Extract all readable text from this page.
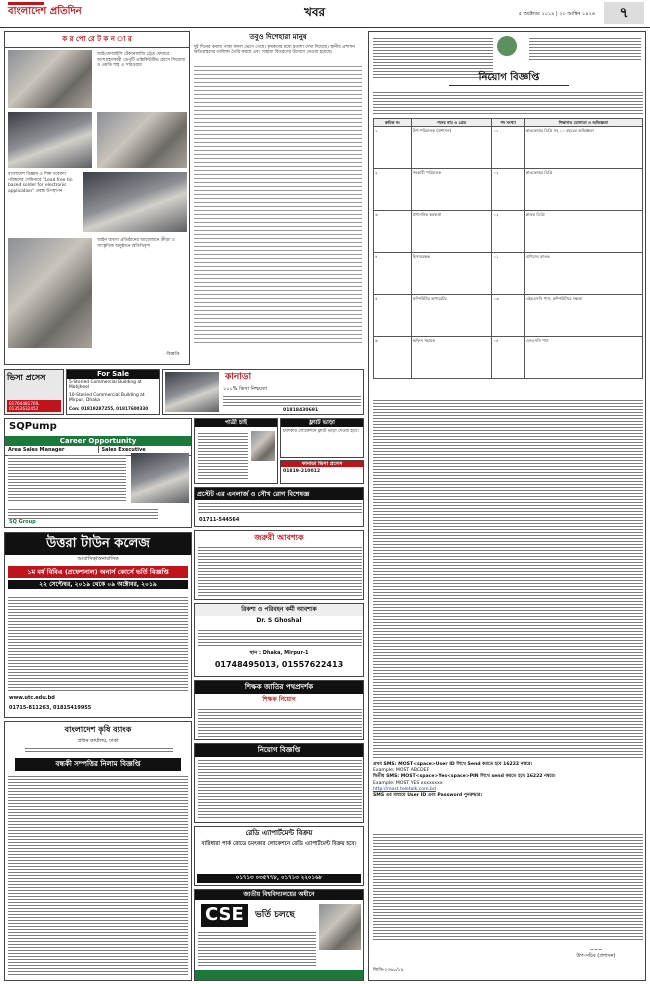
বাংলাদেশ প্রতিদিন	খবর	৫ অক্টোবর ২০১৯ | ২০ আশ্বিন ১৪২৬	৭
ক র পো রে ট ক ন া র
আইএফআইসি টেকনোলজি ট্রেড ফেয়ারে অংশগ্রহণকারী ডেপুটি এক্সিকিউটিভ হোসে ফিরোজ ও এমডি শাহ এ সারওয়ার
বাংলাদেশ বিজ্ঞান ও শিল্প গবেষণা পরিষদের সেমিনারে "Lead free tin based solder for electronic application" প্রবন্ধ উপস্থাপন
আইন ব্যবসা প্রতিষ্ঠানের আয়োজনে ক্রীড়া ও সাংস্কৃতিক অনুষ্ঠানে অতিথিবৃন্দ
-বিজ্ঞপ্তি
তবুও দিশেহারা মানুষ
দুই দিনের বন্যায় পাকা ফসল ভেসে গেছে। কৃষকদের মধ্যে হতাশা দেখা দিয়েছে। স্থানীয় প্রশাসন ক্ষতিগ্রস্তদের তালিকা তৈরি করছে এবং সাহায্য বিতরণের উদ্যোগ নেওয়া হয়েছে।
নিয়োগ বিজ্ঞপ্তি
ক্রমিক নং	পদের নাম ও গ্রেড	পদ সংখ্যা	শিক্ষাগত যোগ্যতা ও অভিজ্ঞতা
১	উপ-পরিচালক (প্রশাসন)	০১	স্নাতকোত্তর ডিগ্রি সহ ১০ বছরের অভিজ্ঞতা
২	সহকারী পরিচালক	০২	স্নাতকোত্তর ডিগ্রি
৩	প্রশাসনিক কর্মকর্তা	০২	স্নাতক ডিগ্রি
৪	হিসাবরক্ষক	০১	বাণিজ্যে স্নাতক
৫	কম্পিউটার অপারেটর	০৩	এইচএসসি পাস, কম্পিউটারে দক্ষতা
৬	অফিস সহায়ক	০৪	এসএসসি পাস
প্রথম SMS: MOST<space>User ID লিখে Send করতে হবে 16222 নম্বরে।
Example: MOST ABCDEF
দ্বিতীয় SMS: MOST<space>Yes<space>PIN লিখে send করতে হবে 16222 নম্বরে।
Example: MOST YES xxxxxxxx
http://most.teletalk.com.bd
SMS এর মাধ্যমে User ID এবং Password পুনরুদ্ধার:
~~~
উপ-সচিব (প্রশাসন)
জিডি-২৩৬৮/১৯
ভিসা প্রসেস
01764481769, 01352632452
For Sale
5-Storied Commercial Building at Motijheel
10-Storied Commercial Building at Mirpur, Dhaka
Con: 01819287255, 01817600330
কানাডা
১০০% ভিসা নিশ্চয়তা
01818430691
SQPump
Career Opportunity
Area Sales Manager	Sales Executive
SQ Group
পাত্রী চাই	ফ্ল্যাট ভাড়া
চমৎকার লোকেশনে ফ্ল্যাট ভাড়া দেওয়া হবে।
কানাডা ভিসা প্রসেস
01819-210012
প্রস্টেট এর এনলার্জ ও সৌখ রোগ বিশেষজ্ঞ
01711-544564
জরুরী আবশ্যক
রিকশা ও পরিবহন কর্মী আবশ্যক
Dr. S Ghoshal
স্থান : Dhaka, Mirpur-1
01748495013, 01557622413
শিক্ষক জাতির পথপ্রদর্শক
শিক্ষক নিয়োগ
নিয়োগ বিজ্ঞপ্তি
রেডি এ্যাপার্টমেন্ট বিক্রয়
বারিধারা পার্ক রোডে চমৎকার লোকেশনে রেডি এ্যাপার্টমেন্ট বিক্রয় হবে।
০১৭১৩ ০৩৫৭৭৮, ০১৭১৩ ২২০১৬৮
জাতীয় বিশ্ববিদ্যালয়ের অধীনে
CSE	ভর্তি চলছে
উত্তরা টাউন কলেজ
আবাসিক/অনাবাসিক
১ম বর্ষ বিবিএ (প্রফেশনাল) অনার্স কোর্সে ভর্তি বিজ্ঞপ্তি
২২ সেপ্টেম্বর, ২০১৯ থেকে ০৯ অক্টোবর, ২০১৯
www.utc.edu.bd
01715-811263, 01815419955
বাংলাদেশ কৃষি ব্যাংক
প্রধান কার্যালয়, ঢাকা
বন্ধকী সম্পত্তির নিলাম বিজ্ঞপ্তি
